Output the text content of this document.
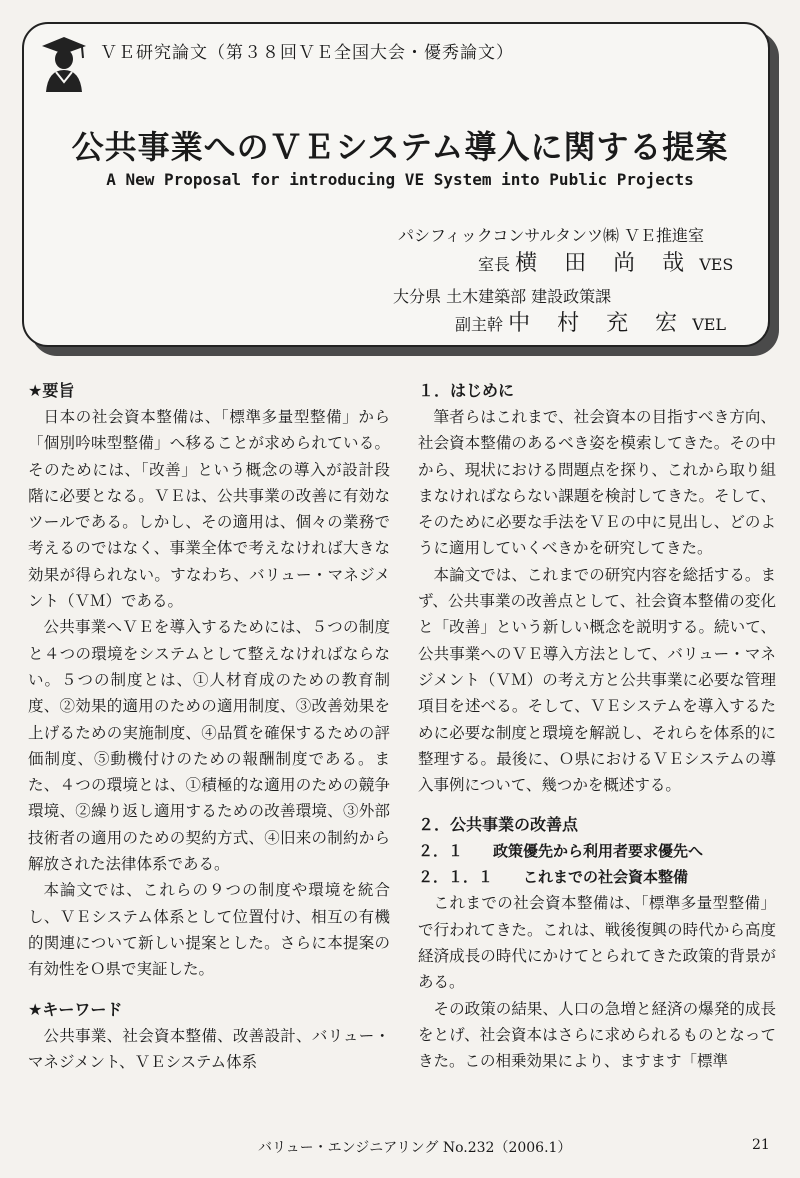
ＶＥ研究論文（第３８回ＶＥ全国大会・優秀論文）
公共事業へのＶＥシステム導入に関する提案
A New Proposal for introducing VE System into Public Projects
パシフィックコンサルタンツ㈱ ＶＥ推進室
室長 横 田 尚 哉 VES
大分県 土木建築部 建設政策課
副主幹 中 村 充 宏 VEL
★要旨

日本の社会資本整備は、「標準多量型整備」から「個別吟味型整備」へ移ることが求められている。そのためには、「改善」という概念の導入が設計段階に必要となる。ＶＥは、公共事業の改善に有効なツールである。しかし、その適用は、個々の業務で考えるのではなく、事業全体で考えなければ大きな効果が得られない。すなわち、バリュー・マネジメント（ＶＭ）である。

公共事業へＶＥを導入するためには、５つの制度と４つの環境をシステムとして整えなければならない。５つの制度とは、①人材育成のための教育制度、②効果的適用のための適用制度、③改善効果を上げるための実施制度、④品質を確保するための評価制度、⑤動機付けのための報酬制度である。また、４つの環境とは、①積極的な適用のための競争環境、②繰り返し適用するための改善環境、③外部技術者の適用のための契約方式、④旧来の制約から解放された法律体系である。

本論文では、これらの９つの制度や環境を統合し、ＶＥシステム体系として位置付け、相互の有機的関連について新しい提案とした。さらに本提案の有効性をＯ県で実証した。

★キーワード

公共事業、社会資本整備、改善設計、バリュー・マネジメント、ＶＥシステム体系

１．はじめに

筆者らはこれまで、社会資本の目指すべき方向、社会資本整備のあるべき姿を模索してきた。その中から、現状における問題点を探り、これから取り組まなければならない課題を検討してきた。そして、そのために必要な手法をＶＥの中に見出し、どのように適用していくべきかを研究してきた。

本論文では、これまでの研究内容を総括する。まず、公共事業の改善点として、社会資本整備の変化と「改善」という新しい概念を説明する。続いて、公共事業へのＶＥ導入方法として、バリュー・マネジメント（ＶＭ）の考え方と公共事業に必要な管理項目を述べる。そして、ＶＥシステムを導入するために必要な制度と環境を解説し、それらを体系的に整理する。最後に、Ｏ県におけるＶＥシステムの導入事例について、幾つかを概述する。

２．公共事業の改善点
２．１　　政策優先から利用者要求優先へ
２．１．１　　これまでの社会資本整備

これまでの社会資本整備は、「標準多量型整備」で行われてきた。これは、戦後復興の時代から高度経済成長の時代にかけてとられてきた政策的背景がある。

その政策の結果、人口の急増と経済の爆発的成長をとげ、社会資本はさらに求められるものとなってきた。この相乗効果により、ますます「標準

バリュー・エンジニアリング No.232（2006.1）	21
